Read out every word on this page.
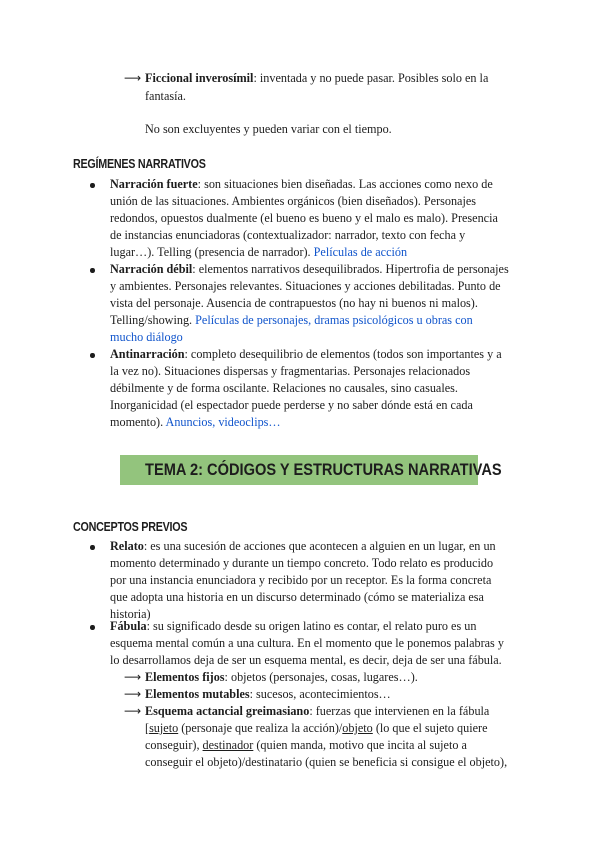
⟶ Ficcional inverosímil: inventada y no puede pasar. Posibles solo en la
fantasía.
No son excluyentes y pueden variar con el tiempo.
REGÍMENES NARRATIVOS
Narración fuerte: son situaciones bien diseñadas. Las acciones como nexo de
unión de las situaciones. Ambientes orgánicos (bien diseñados). Personajes
redondos, opuestos dualmente (el bueno es bueno y el malo es malo). Presencia
de instancias enunciadoras (contextualizador: narrador, texto con fecha y
lugar…). Telling (presencia de narrador). Películas de acción
Narración débil: elementos narrativos desequilibrados. Hipertrofia de personajes
y ambientes. Personajes relevantes. Situaciones y acciones debilitadas. Punto de
vista del personaje. Ausencia de contrapuestos (no hay ni buenos ni malos).
Telling/showing. Películas de personajes, dramas psicológicos u obras con
mucho diálogo
Antinarración: completo desequilibrio de elementos (todos son importantes y a
la vez no). Situaciones dispersas y fragmentarias. Personajes relacionados
débilmente y de forma oscilante. Relaciones no causales, sino casuales.
Inorganicidad (el espectador puede perderse y no saber dónde está en cada
momento). Anuncios, videoclips…
TEMA 2: CÓDIGOS Y ESTRUCTURAS NARRATIVAS
CONCEPTOS PREVIOS
Relato: es una sucesión de acciones que acontecen a alguien en un lugar, en un
momento determinado y durante un tiempo concreto. Todo relato es producido
por una instancia enunciadora y recibido por un receptor. Es la forma concreta
que adopta una historia en un discurso determinado (cómo se materializa esa
historia)
Fábula: su significado desde su origen latino es contar, el relato puro es un
esquema mental común a una cultura. En el momento que le ponemos palabras y
lo desarrollamos deja de ser un esquema mental, es decir, deja de ser una fábula.
⟶ Elementos fijos: objetos (personajes, cosas, lugares…).
⟶ Elementos mutables: sucesos, acontecimientos…
⟶ Esquema actancial greimasiano: fuerzas que intervienen en la fábula
[sujeto (personaje que realiza la acción)/objeto (lo que el sujeto quiere
conseguir), destinador (quien manda, motivo que incita al sujeto a
conseguir el objeto)/destinatario (quien se beneficia si consigue el objeto),
